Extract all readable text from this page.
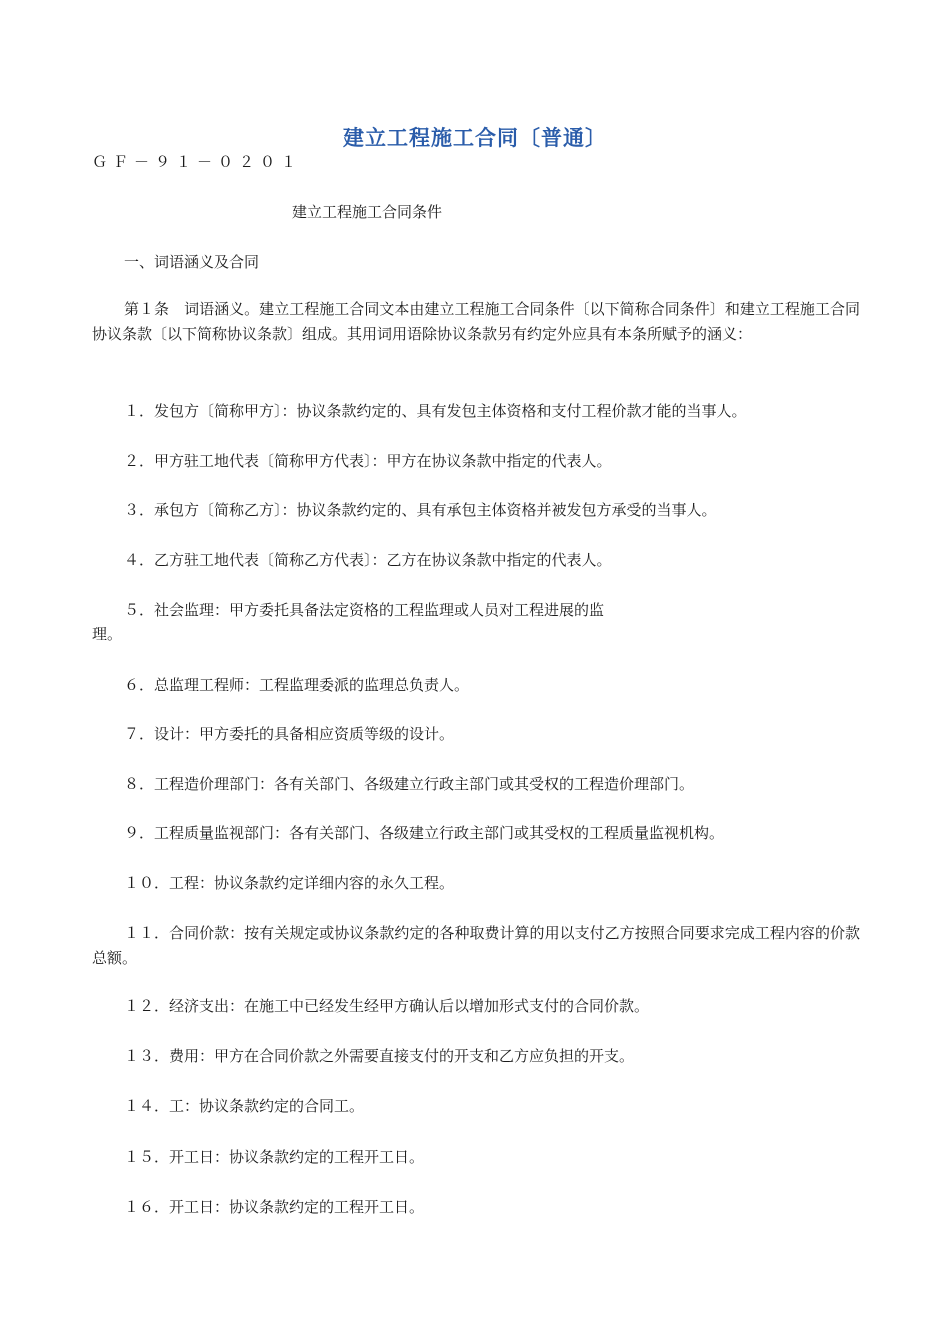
建立工程施工合同〔普通〕
ＧＦ－９１－０２０１
建立工程施工合同条件
一、词语涵义及合同
第１条　词语涵义。建立工程施工合同文本由建立工程施工合同条件〔以下简称合同条件〕和建立工程施工合同协议条款〔以下简称协议条款〕组成。其用词用语除协议条款另有约定外应具有本条所赋予的涵义：
１．发包方〔简称甲方〕：协议条款约定的、具有发包主体资格和支付工程价款才能的当事人。
２．甲方驻工地代表〔简称甲方代表〕：甲方在协议条款中指定的代表人。
３．承包方〔简称乙方〕：协议条款约定的、具有承包主体资格并被发包方承受的当事人。
４．乙方驻工地代表〔简称乙方代表〕：乙方在协议条款中指定的代表人。
５．社会监理：甲方委托具备法定资格的工程监理或人员对工程进展的监
理。
６．总监理工程师：工程监理委派的监理总负责人。
７．设计：甲方委托的具备相应资质等级的设计。
８．工程造价理部门：各有关部门、各级建立行政主部门或其受权的工程造价理部门。
９．工程质量监视部门：各有关部门、各级建立行政主部门或其受权的工程质量监视机构。
１０．工程：协议条款约定详细内容的永久工程。
１１．合同价款：按有关规定或协议条款约定的各种取费计算的用以支付乙方按照合同要求完成工程内容的价款总额。
１２．经济支出：在施工中已经发生经甲方确认后以增加形式支付的合同价款。
１３．费用：甲方在合同价款之外需要直接支付的开支和乙方应负担的开支。
１４．工：协议条款约定的合同工。
１５．开工日：协议条款约定的工程开工日。
１６．开工日：协议条款约定的工程开工日。
